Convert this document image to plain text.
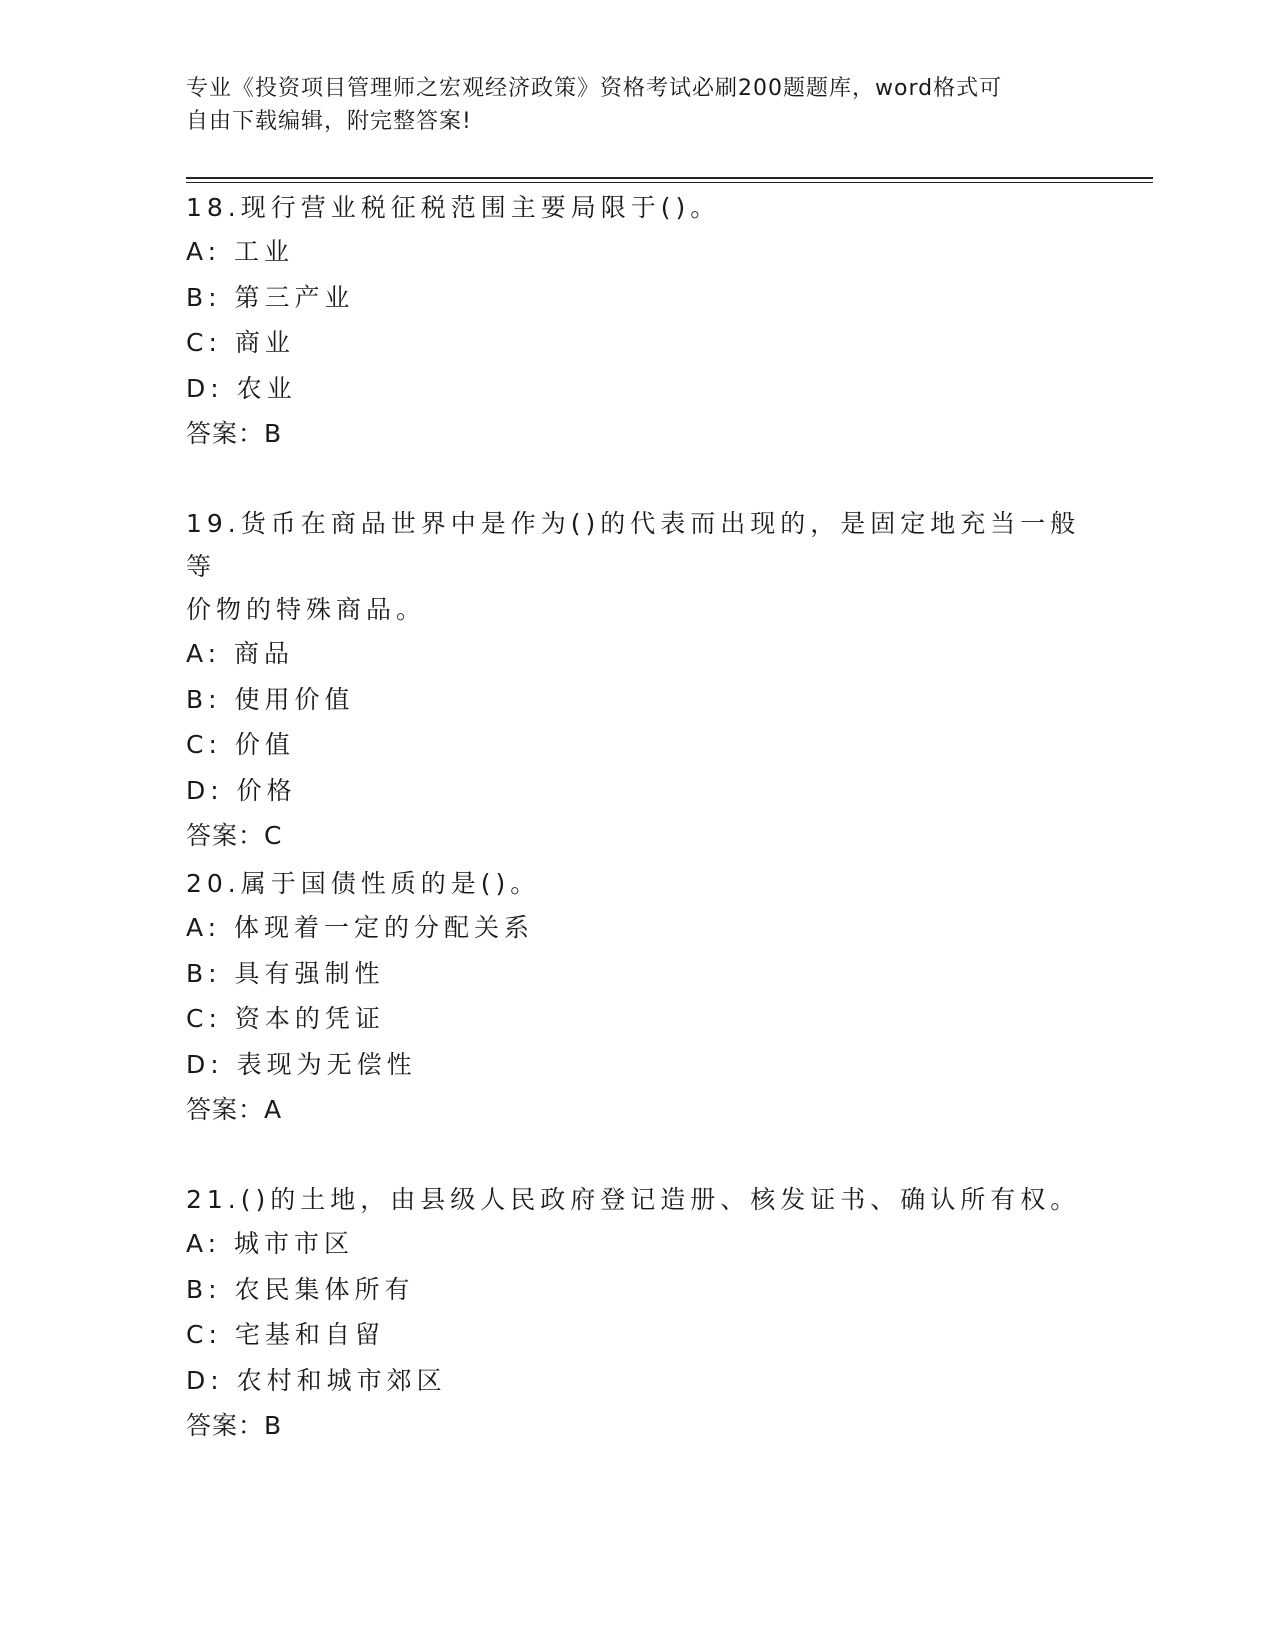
专业《投资项目管理师之宏观经济政策》资格考试必刷200题题库，word格式可
自由下载编辑，附完整答案!

18.现行营业税征税范围主要局限于()。

A: 工业

B: 第三产业

C: 商业

D: 农业

答案：B

19.货币在商品世界中是作为()的代表而出现的，是固定地充当一般等

价物的特殊商品。

A: 商品

B: 使用价值

C: 价值

D: 价格

答案：C

20.属于国债性质的是()。

A: 体现着一定的分配关系

B: 具有强制性

C: 资本的凭证

D: 表现为无偿性

答案：A

21.()的土地，由县级人民政府登记造册、核发证书、确认所有权。

A: 城市市区

B: 农民集体所有

C: 宅基和自留

D: 农村和城市郊区

答案：B
